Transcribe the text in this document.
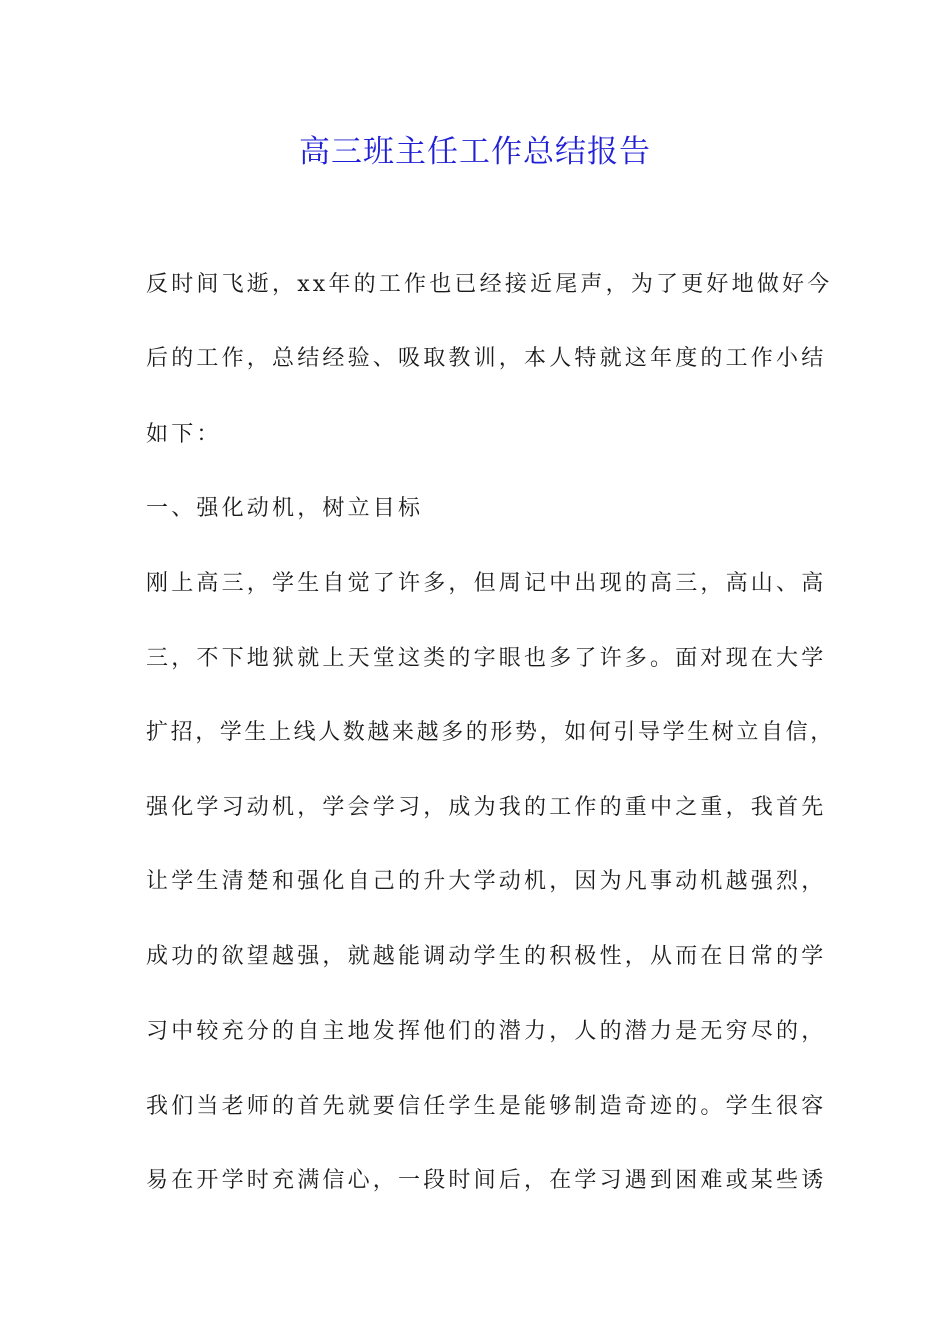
高三班主任工作总结报告

反时间飞逝，xx年的工作也已经接近尾声，为了更好地做好今

后的工作，总结经验、吸取教训，本人特就这年度的工作小结

如下：

一、强化动机，树立目标

刚上高三，学生自觉了许多，但周记中出现的高三，高山、高

三，不下地狱就上天堂这类的字眼也多了许多。面对现在大学

扩招，学生上线人数越来越多的形势，如何引导学生树立自信，

强化学习动机，学会学习，成为我的工作的重中之重，我首先

让学生清楚和强化自己的升大学动机，因为凡事动机越强烈，

成功的欲望越强，就越能调动学生的积极性，从而在日常的学

习中较充分的自主地发挥他们的潜力，人的潜力是无穷尽的，

我们当老师的首先就要信任学生是能够制造奇迹的。学生很容

易在开学时充满信心，一段时间后，在学习遇到困难或某些诱
